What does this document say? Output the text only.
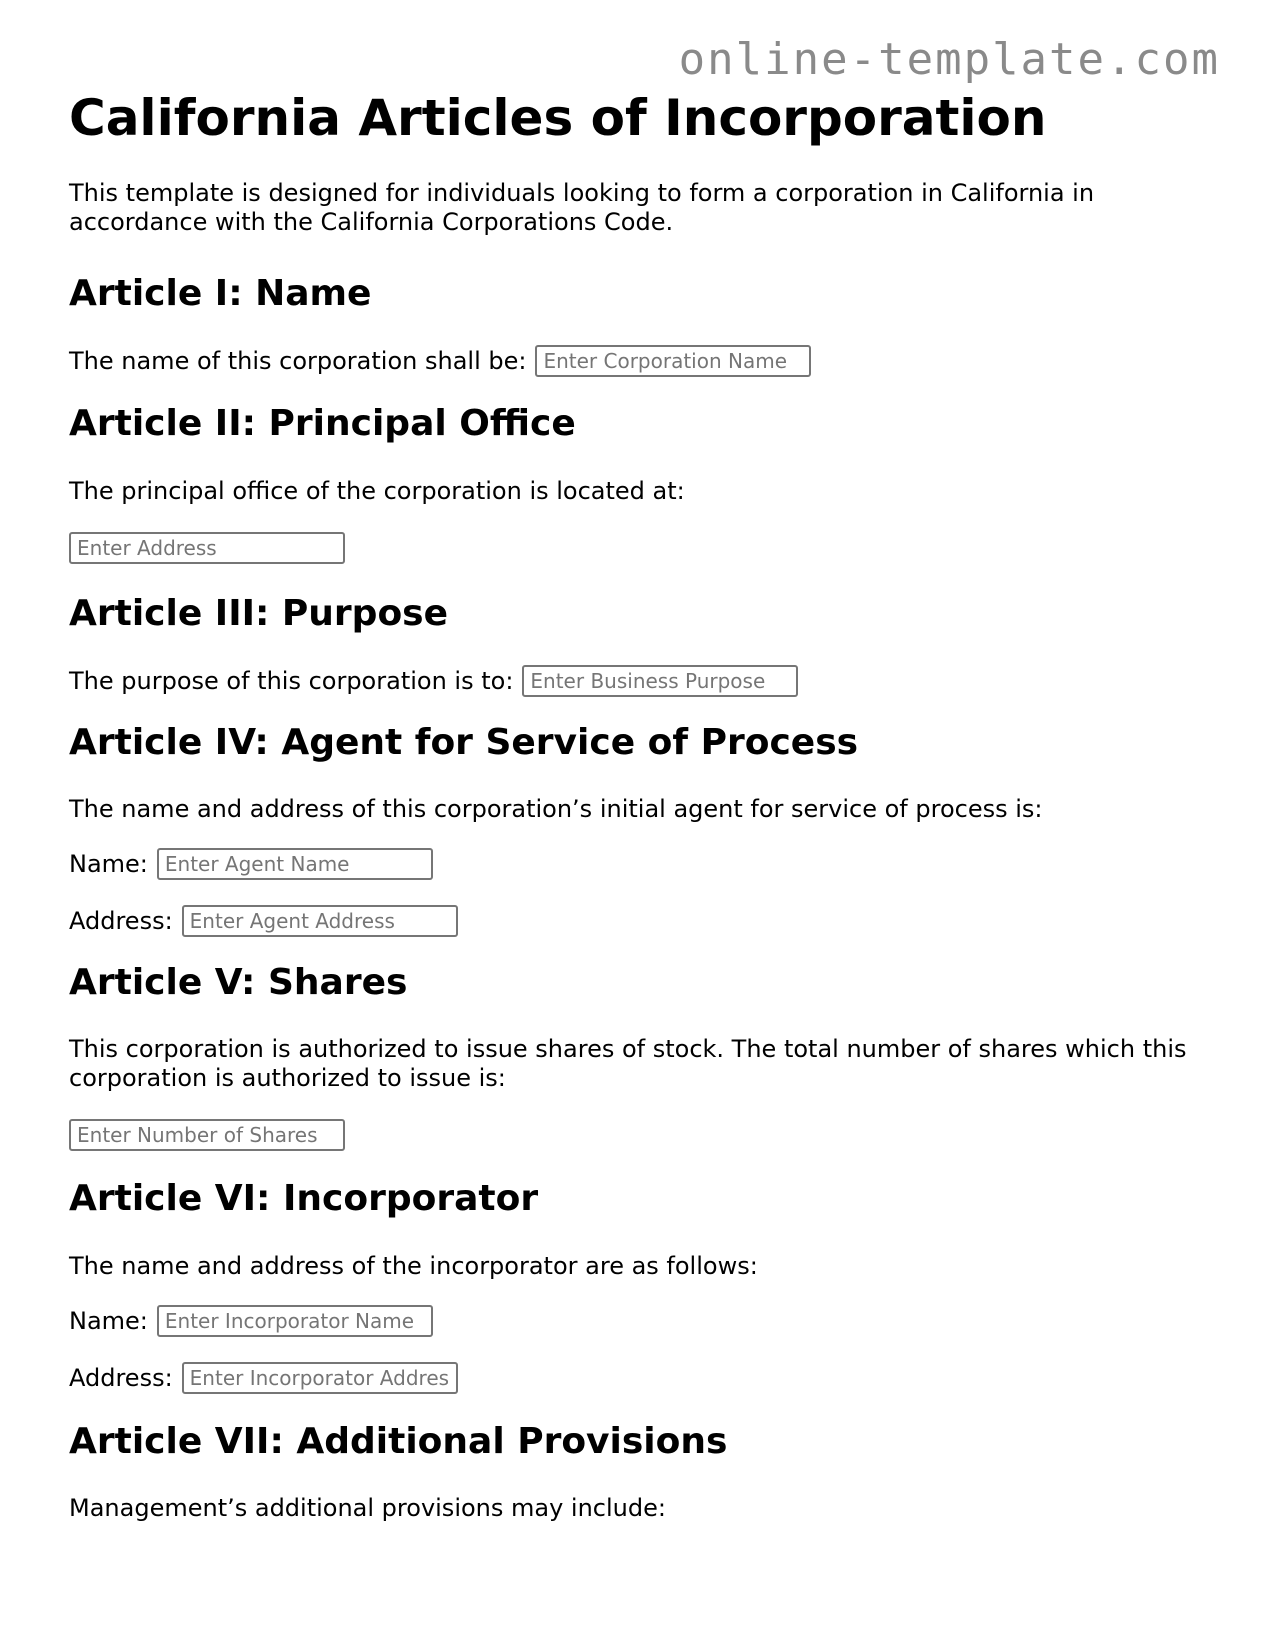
online-template.com
California Articles of Incorporation

This template is designed for individuals looking to form a corporation in California in accordance with the California Corporations Code.

Article I: Name
The name of this corporation shall be:
Enter Corporation Name
Article II: Principal Office

The principal office of the corporation is located at:

Enter Address
Article III: Purpose
The purpose of this corporation is to:
Enter Business Purpose
Article IV: Agent for Service of Process

The name and address of this corporation’s initial agent for service of process is:

Name:
Enter Agent Name
Address:
Enter Agent Address
Article V: Shares

This corporation is authorized to issue shares of stock. The total number of shares which this corporation is authorized to issue is:

Enter Number of Shares
Article VI: Incorporator

The name and address of the incorporator are as follows:

Name:
Enter Incorporator Name
Address:
Enter Incorporator Address
Article VII: Additional Provisions

Management’s additional provisions may include:
